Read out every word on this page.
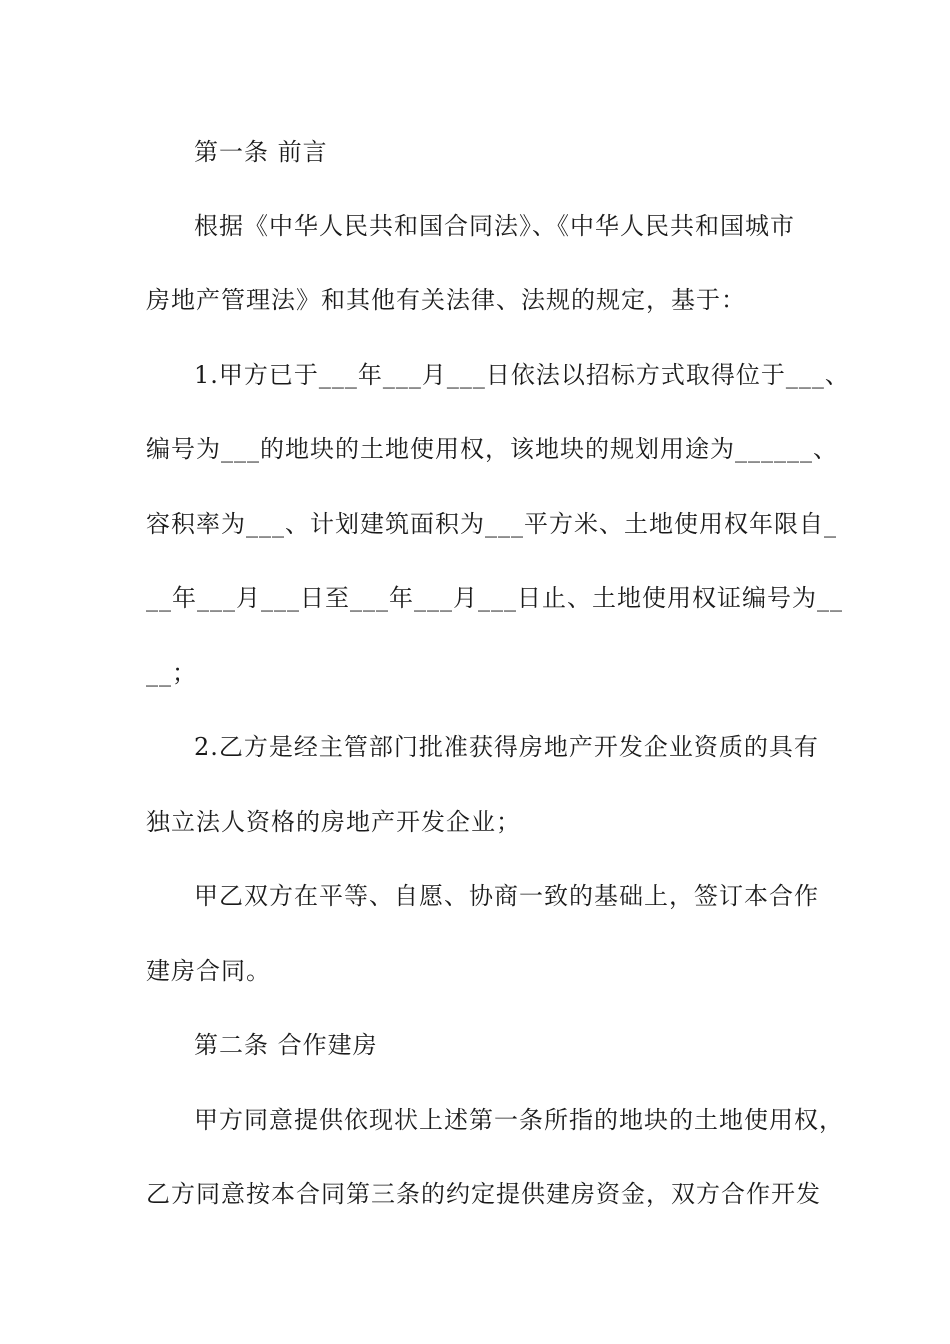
第一条 前言
根据《中华人民共和国合同法》、《中华人民共和国城市
房地产管理法》和其他有关法律、法规的规定，基于：
1.甲方已于___年___月___日依法以招标方式取得位于___、
编号为___的地块的土地使用权，该地块的规划用途为______、
容积率为___、计划建筑面积为___平方米、土地使用权年限自_
__年___月___日至___年___月___日止、土地使用权证编号为__
__；
2.乙方是经主管部门批准获得房地产开发企业资质的具有
独立法人资格的房地产开发企业；
甲乙双方在平等、自愿、协商一致的基础上，签订本合作
建房合同。
第二条 合作建房
甲方同意提供依现状上述第一条所指的地块的土地使用权，
乙方同意按本合同第三条的约定提供建房资金，双方合作开发
